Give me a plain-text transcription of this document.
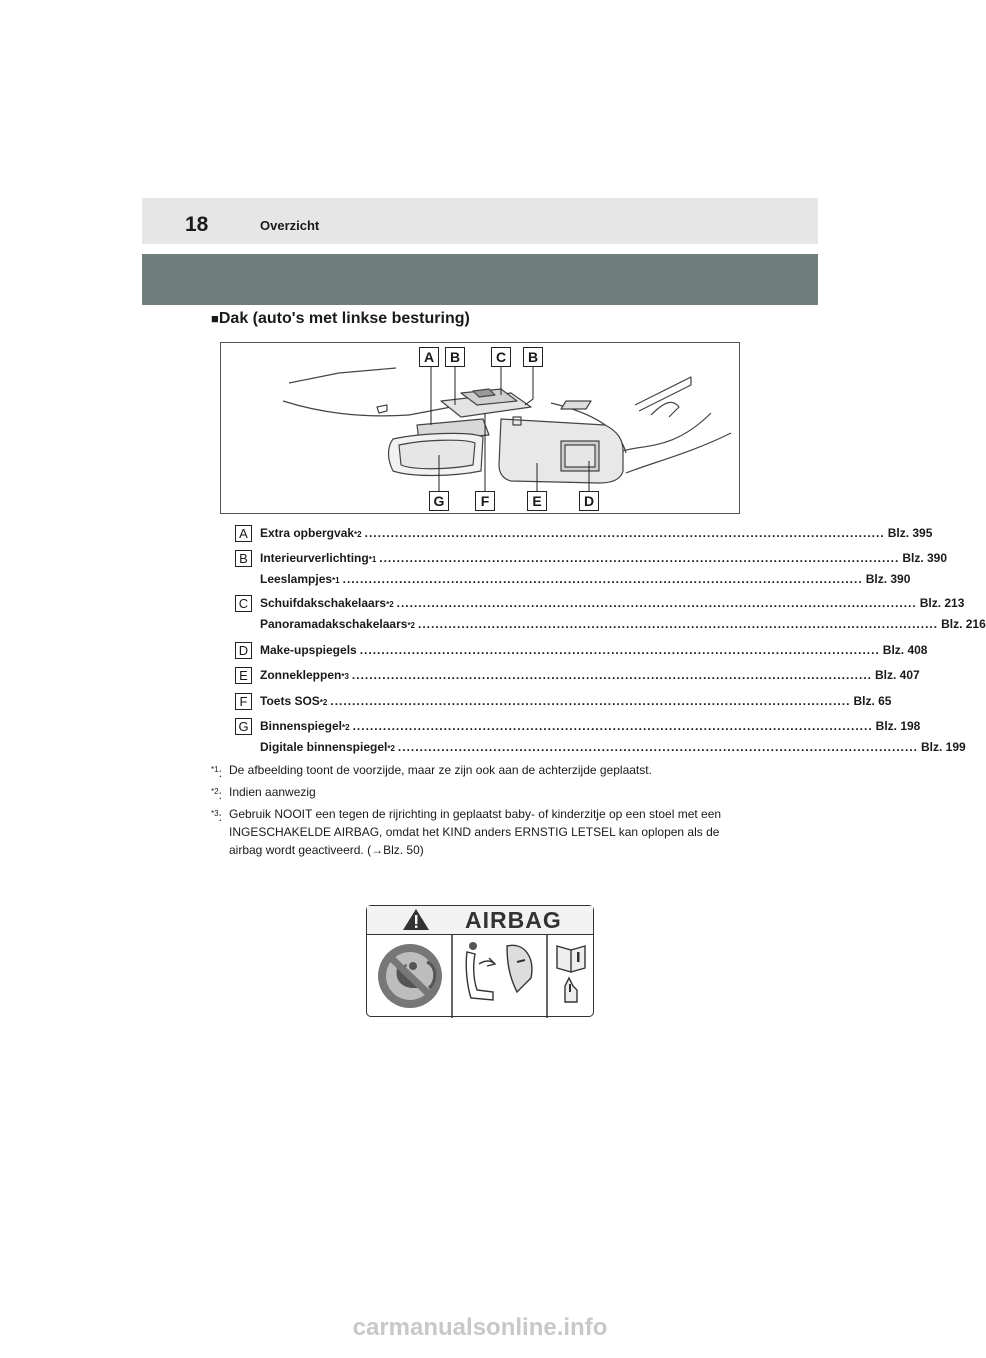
18	Overzicht
■Dak (auto's met linkse besturing)
A	B	C	B
G	F	E	D
A	Extra opbergvak *2 ........................................................................................................................ Blz. 395
B	Interieurverlichting *1 ........................................................................................................................ Blz. 390
Leeslampjes *1 ........................................................................................................................ Blz. 390
C Schuifdakschakelaars *2 ........................................................................................................................ Blz. 213
Panoramadakschakelaars *2 ........................................................................................................................ Blz. 216
D Make-upspiegels ........................................................................................................................ Blz. 408
E	Zonnekleppen *3 ........................................................................................................................ Blz. 407
F	Toets SOS *2 ........................................................................................................................ Blz. 65
G Binnenspiegel *2 ........................................................................................................................ Blz. 198
Digitale binnenspiegel *2 ........................................................................................................................ Blz. 199
$^{*1}$: De afbeelding toont de voorzijde, maar ze zijn ook aan de achterzijde geplaatst.
$^{*2}$: Indien aanwezig
$^{*3}$: Gebruik NOOIT een tegen de rijrichting in geplaatst baby- of kinderzitje op een stoel met een INGESCHAKELDE AIRBAG, omdat het KIND anders ERNSTIG LETSEL kan oplopen als de airbag wordt geactiveerd. (→Blz. 50)
AIRBAG
carmanualsonline.info
